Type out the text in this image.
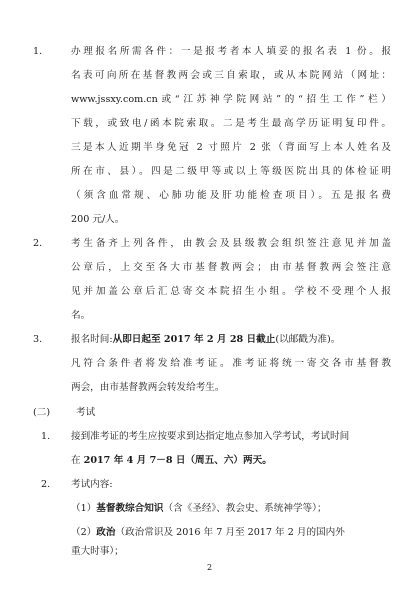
1.	办理报名所需各件：一是报考者本人填妥的报名表 1 份。报
名表可向所在基督教两会或三自索取，或从本院网站（网址：
www.jssxy.com.cn或“江苏神学院网站”的“招生工作”栏）
下载，或致电/函本院索取。二是考生最高学历证明复印件。
三是本人近期半身免冠 2 寸照片 2 张（背面写上本人姓名及
所在市、县）。四是二级甲等或以上等级医院出具的体检证明
（须含血常规、心肺功能及肝功能检查项目）。五是报名费
200 元/人。
2.	考生备齐上列各件，由教会及县级教会组织签注意见并加盖
公章后，上交至各大市基督教两会；由市基督教两会签注意
见并加盖公章后汇总寄交本院招生小组。学校不受理个人报
名。
3.	报名时间:从即日起至 2017 年 2 月 28 日截止(以邮戳为准)。
凡符合条件者将发给准考证。准考证将统一寄交各市基督教
两会，由市基督教两会转发给考生。
(二)	考试
1. 接到准考证的考生应按要求到达指定地点参加入学考试，考试时间
在 2017 年 4 月 7－8 日（周五、六）两天。
2. 考试内容:
（1）基督教综合知识（含《圣经》、教会史、系统神学等）；
（2）政治（政治常识及 2016 年 7 月至 2017 年 2 月的国内外
重大时事）；
2
